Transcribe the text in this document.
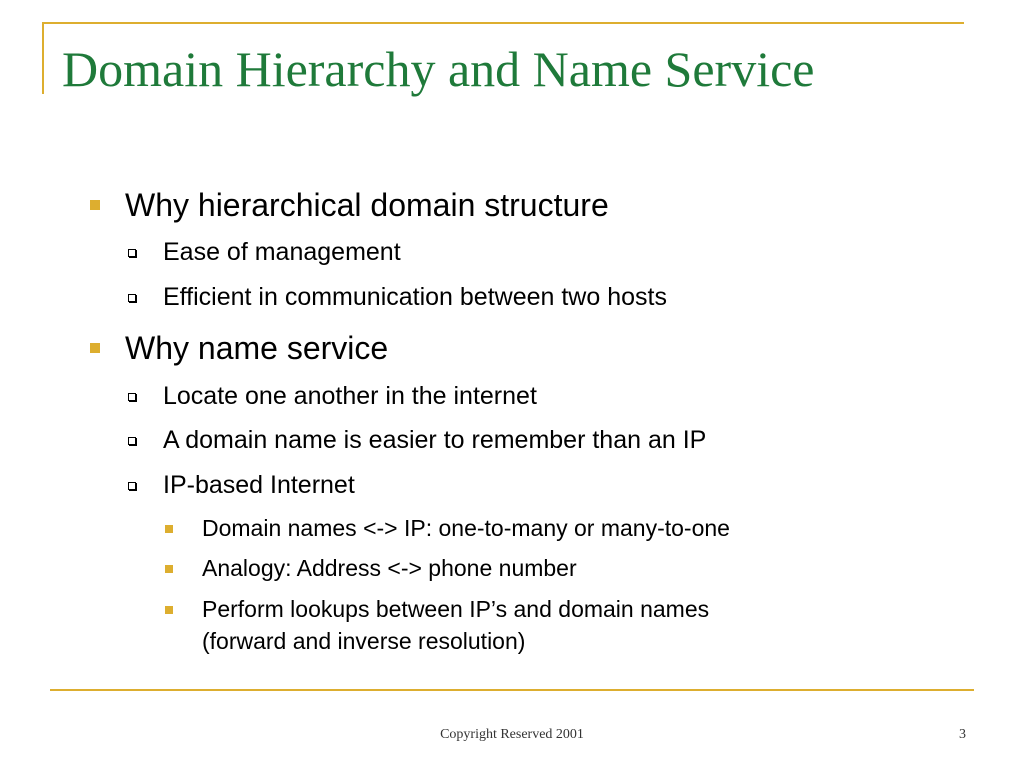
Domain Hierarchy and Name Service
Why hierarchical domain structure
Ease of management
Efficient in communication between two hosts
Why name service
Locate one another in the internet
A domain name is easier to remember than an IP
IP-based Internet
Domain names <-> IP: one-to-many or many-to-one
Analogy: Address <-> phone number
Perform lookups between IP’s and domain names
(forward and inverse resolution)
Copyright Reserved 2001	3
